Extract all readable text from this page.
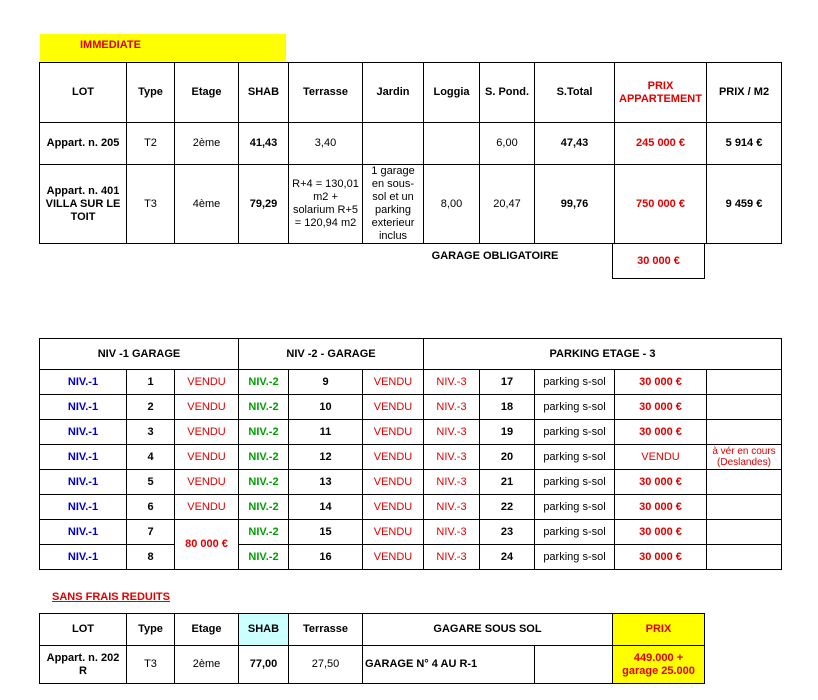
IMMEDIATE
LOT	Type	Etage	SHAB	Terrasse	Jardin	Loggia	S. Pond.	S.Total	PRIX APPARTEMENT	PRIX / M2
Appart. n. 205	T2	2ème	41,43	3,40			6,00	47,43	245 000 €	5 914 €
Appart. n. 401 VILLA SUR LE TOIT	T3	4ème	79,29	R+4 = 130,01 m2 + solarium R+5 = 120,94 m2	1 garage en sous-sol et un parking exterieur inclus	8,00	20,47	99,76	750 000 €	9 459 €
GARAGE OBLIGATOIRE	30 000 €
NIV -1 GARAGE			NIV -2 - GARAGE			PARKING ETAGE - 3				
NIV.-1	1	VENDU	NIV.-2	9	VENDU	NIV.-3	17	parking s-sol	30 000 €	
NIV.-1	2	VENDU	NIV.-2	10	VENDU	NIV.-3	18	parking s-sol	30 000 €	
NIV.-1	3	VENDU	NIV.-2	11	VENDU	NIV.-3	19	parking s-sol	30 000 €	
NIV.-1	4	VENDU	NIV.-2	12	VENDU	NIV.-3	20	parking s-sol	VENDU	à vér en cours (Deslandes)
NIV.-1	5	VENDU	NIV.-2	13	VENDU	NIV.-3	21	parking s-sol	30 000 €	
NIV.-1	6	VENDU	NIV.-2	14	VENDU	NIV.-3	22	parking s-sol	30 000 €	
NIV.-1	7	80 000 €	NIV.-2	15	VENDU	NIV.-3	23	parking s-sol	30 000 €	
NIV.-1	8		NIV.-2	16	VENDU	NIV.-3	24	parking s-sol	30 000 €	
SANS FRAIS REDUITS
LOT	Type	Etage	SHAB	Terrasse	GAGARE SOUS SOL		PRIX
Appart. n. 202 R	T3	2ème	77,00	27,50	GARAGE N° 4 AU R-1		449.000 + garage 25.000
